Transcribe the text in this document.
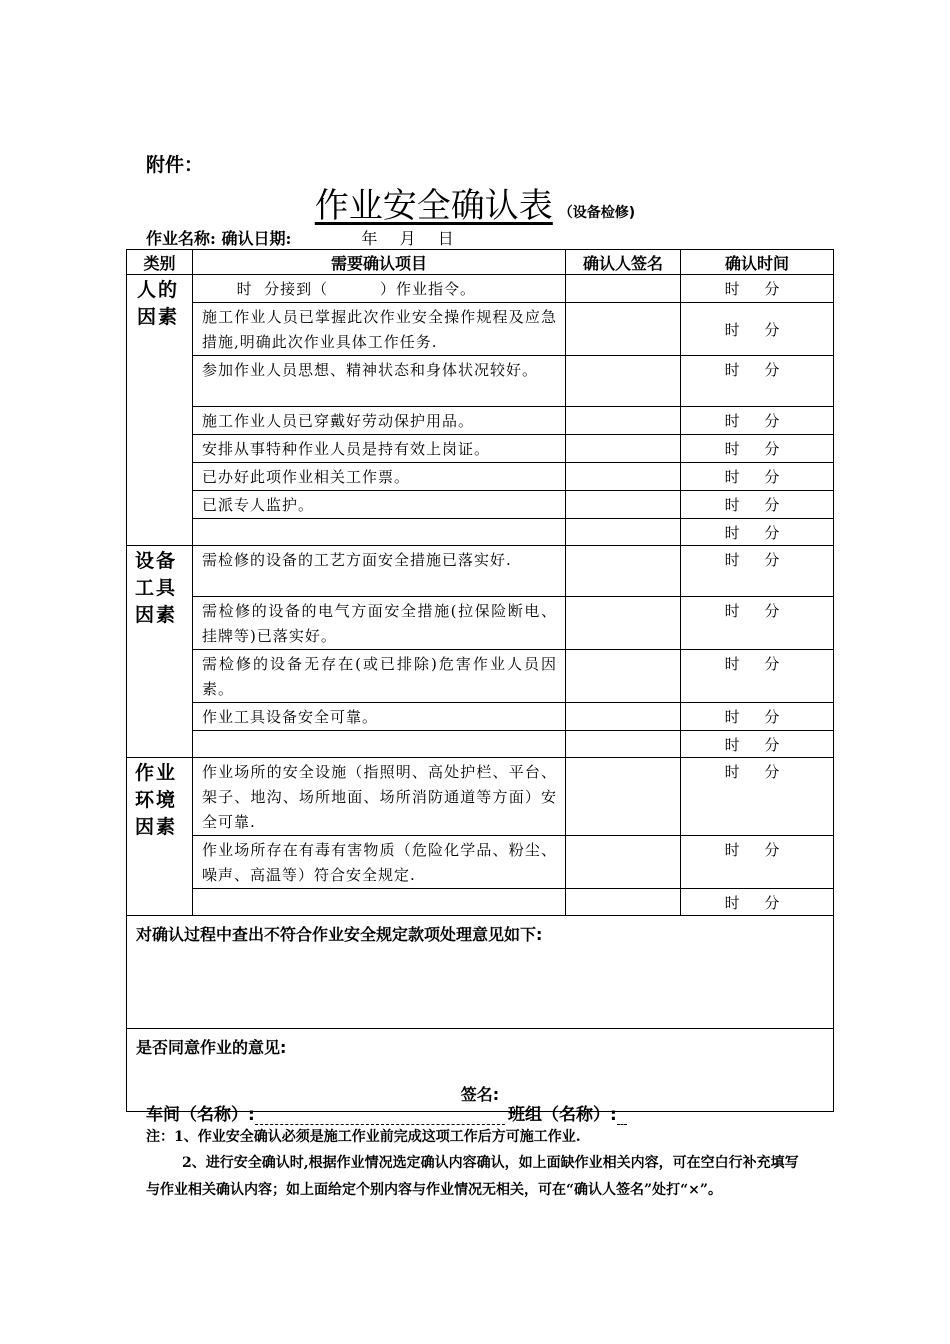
附件：
作业安全确认表 （设备检修)
作业名称: 确认日期:	年  月  日
类别	需要确认项目	确认人签名	确认时间
人的因素	时  分接到（         ）作业指令。		时 分
	施工作业人员已掌握此次作业安全操作规程及应急措施,明确此次作业具体工作任务.		时 分
	参加作业人员思想、精神状态和身体状况较好。		时 分
	施工作业人员已穿戴好劳动保护用品。		时 分
	安排从事特种作业人员是持有效上岗证。		时 分
	已办好此项作业相关工作票。		时 分
	已派专人监护。		时 分
			时 分
设备工具因素	需检修的设备的工艺方面安全措施已落实好.		时 分
	需检修的设备的电气方面安全措施(拉保险断电、挂牌等)已落实好。		时 分
	需检修的设备无存在(或已排除)危害作业人员因素。		时 分
	作业工具设备安全可靠。		时 分
			时 分
作业环境因素	作业场所的安全设施（指照明、高处护栏、平台、架子、地沟、场所地面、场所消防通道等方面）安全可靠.		时 分
	作业场所存在有毒有害物质（危险化学品、粉尘、噪声、高温等）符合安全规定.		时 分
			时 分
对确认过程中查出不符合作业安全规定款项处理意见如下:			

是否同意作业的意见:
签名:			
车间（名称）:	班组（名称）:
注：1、作业安全确认必须是施工作业前完成这项工作后方可施工作业.
2、进行安全确认时,根据作业情况选定确认内容确认，如上面缺作业相关内容，可在空白行补充填写与作业相关确认内容；如上面给定个别内容与作业情况无相关，可在“确认人签名”处打“×”。
